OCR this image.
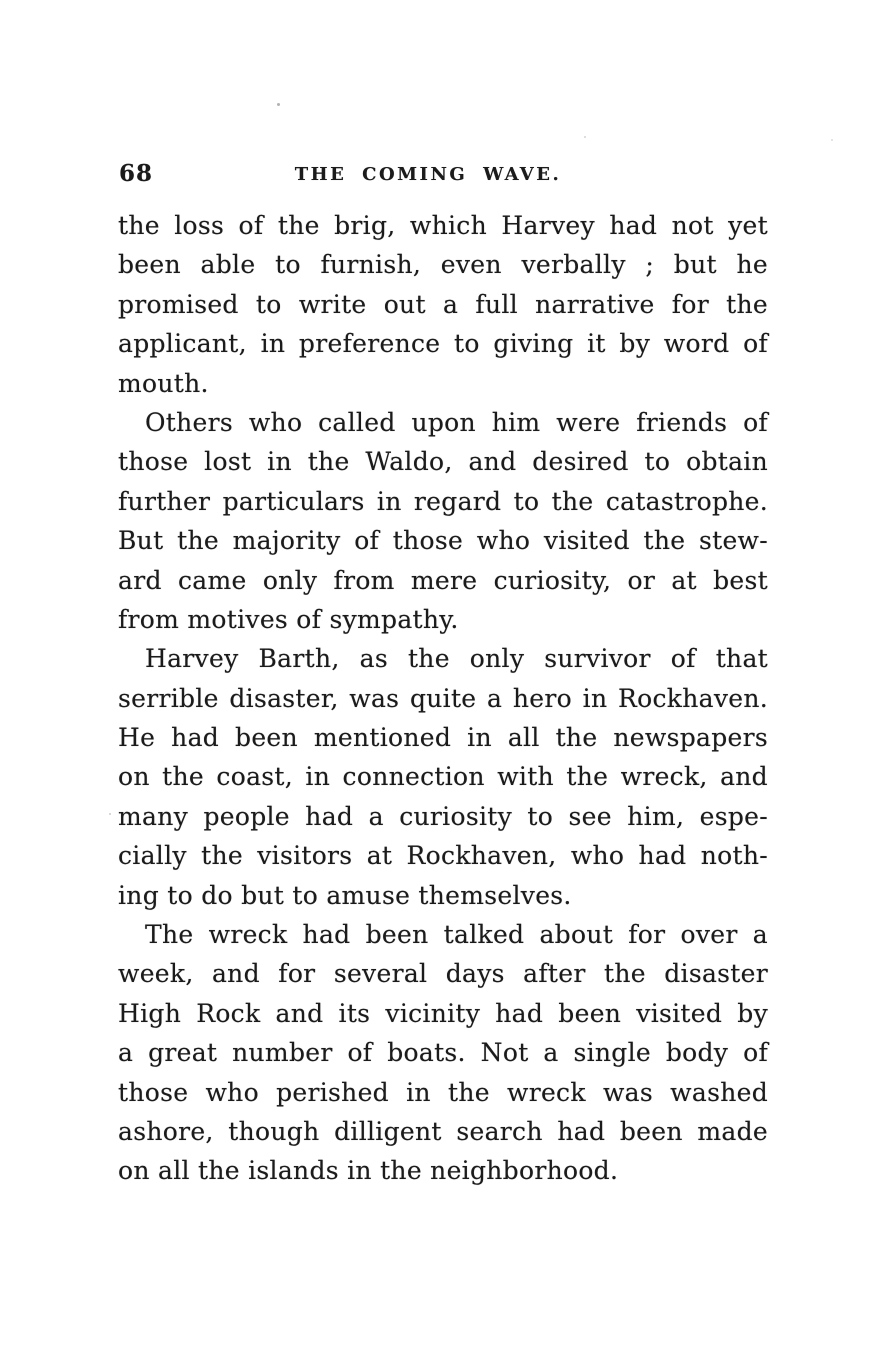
68	THE COMING WAVE.
the loss of the brig, which Harvey had not yet
been able to furnish, even verbally ; but he
promised to write out a full narrative for the
applicant, in preference to giving it by word of
mouth.
Others who called upon him were friends of
those lost in the Waldo, and desired to obtain
further particulars in regard to the catastrophe.
But the majority of those who visited the stew-
ard came only from mere curiosity, or at best
from motives of sympathy.
Harvey Barth, as the only survivor of that
serrible disaster, was quite a hero in Rockhaven.
He had been mentioned in all the newspapers
on the coast, in connection with the wreck, and
many people had a curiosity to see him, espe-
cially the visitors at Rockhaven, who had noth-
ing to do but to amuse themselves.
The wreck had been talked about for over a
week, and for several days after the disaster
High Rock and its vicinity had been visited by
a great number of boats. Not a single body of
those who perished in the wreck was washed
ashore, though dilligent search had been made
on all the islands in the neighborhood.
